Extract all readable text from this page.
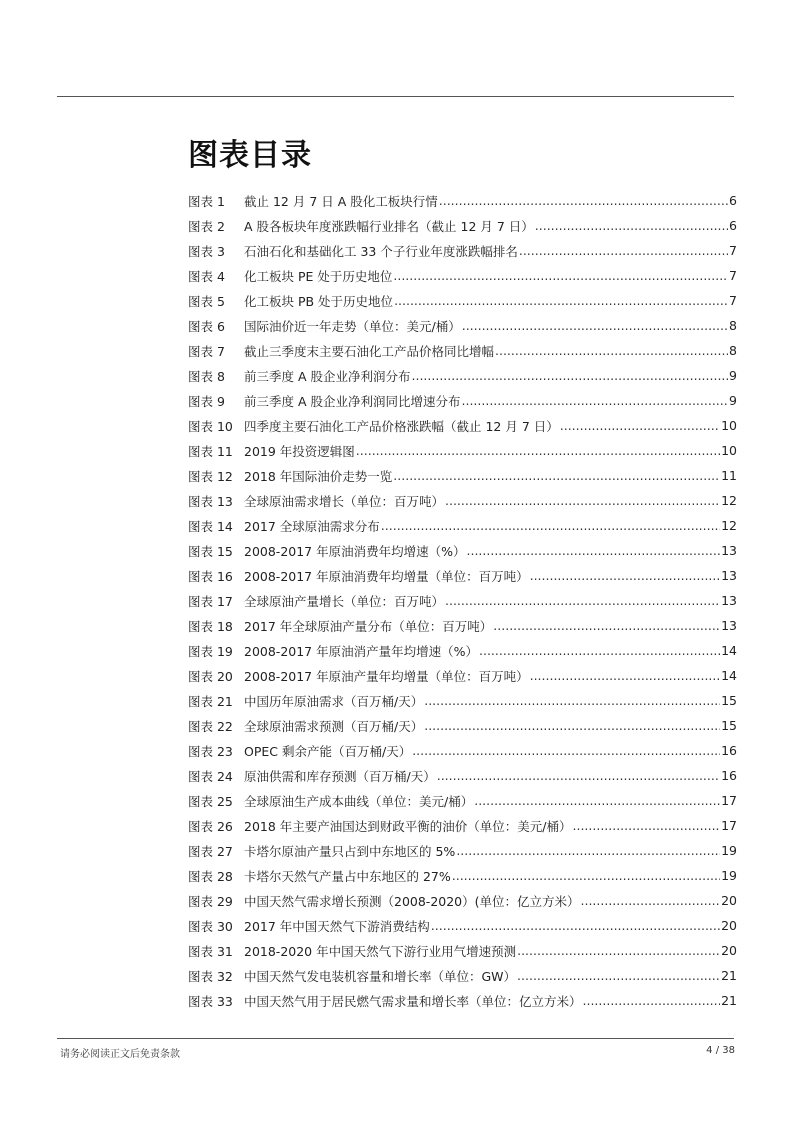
图表目录
图表 1	截止 12 月 7 日 A 股化工板块行情 .....	6
图表 2	A 股各板块年度涨跌幅行业排名（截止 12 月 7 日） .....	6
图表 3	石油石化和基础化工 33 个子行业年度涨跌幅排名 .....	7
图表 4	化工板块 PE 处于历史地位 .....	7
图表 5	化工板块 PB 处于历史地位 .....	7
图表 6	国际油价近一年走势（单位：美元/桶） .....	8
图表 7	截止三季度末主要石油化工产品价格同比增幅 .....	8
图表 8	前三季度 A 股企业净利润分布 .....	9
图表 9	前三季度 A 股企业净利润同比增速分布 .....	9
图表 10 四季度主要石油化工产品价格涨跌幅（截止 12 月 7 日） .....	10
图表 11 2019 年投资逻辑图 .....	10
图表 12 2018 年国际油价走势一览 .....	11
图表 13 全球原油需求增长（单位：百万吨） .....	12
图表 14 2017 全球原油需求分布 .....	12
图表 15 2008-2017 年原油消费年均增速（%） .....	13
图表 16 2008-2017 年原油消费年均增量（单位：百万吨） .....	13
图表 17 全球原油产量增长（单位：百万吨） .....	13
图表 18 2017 年全球原油产量分布（单位：百万吨） .....	13
图表 19 2008-2017 年原油消产量年均增速（%） .....	14
图表 20 2008-2017 年原油产量年均增量（单位：百万吨） .....	14
图表 21 中国历年原油需求（百万桶/天） .....	15
图表 22 全球原油需求预测（百万桶/天） .....	15
图表 23 OPEC 剩余产能（百万桶/天） .....	16
图表 24 原油供需和库存预测（百万桶/天） .....	16
图表 25 全球原油生产成本曲线（单位：美元/桶） .....	17
图表 26 2018 年主要产油国达到财政平衡的油价（单位：美元/桶） .....	17
图表 27 卡塔尔原油产量只占到中东地区的 5% .....	19
图表 28 卡塔尔天然气产量占中东地区的 27% .....	19
图表 29 中国天然气需求增长预测（2008-2020）(单位：亿立方米） .....	20
图表 30 2017 年中国天然气下游消费结构 .....	20
图表 31 2018-2020 年中国天然气下游行业用气增速预测 .....	20
图表 32 中国天然气发电装机容量和增长率（单位：GW） .....	21
图表 33 中国天然气用于居民燃气需求量和增长率（单位：亿立方米） .....	21
请务必阅读正文后免责条款	4 / 38
